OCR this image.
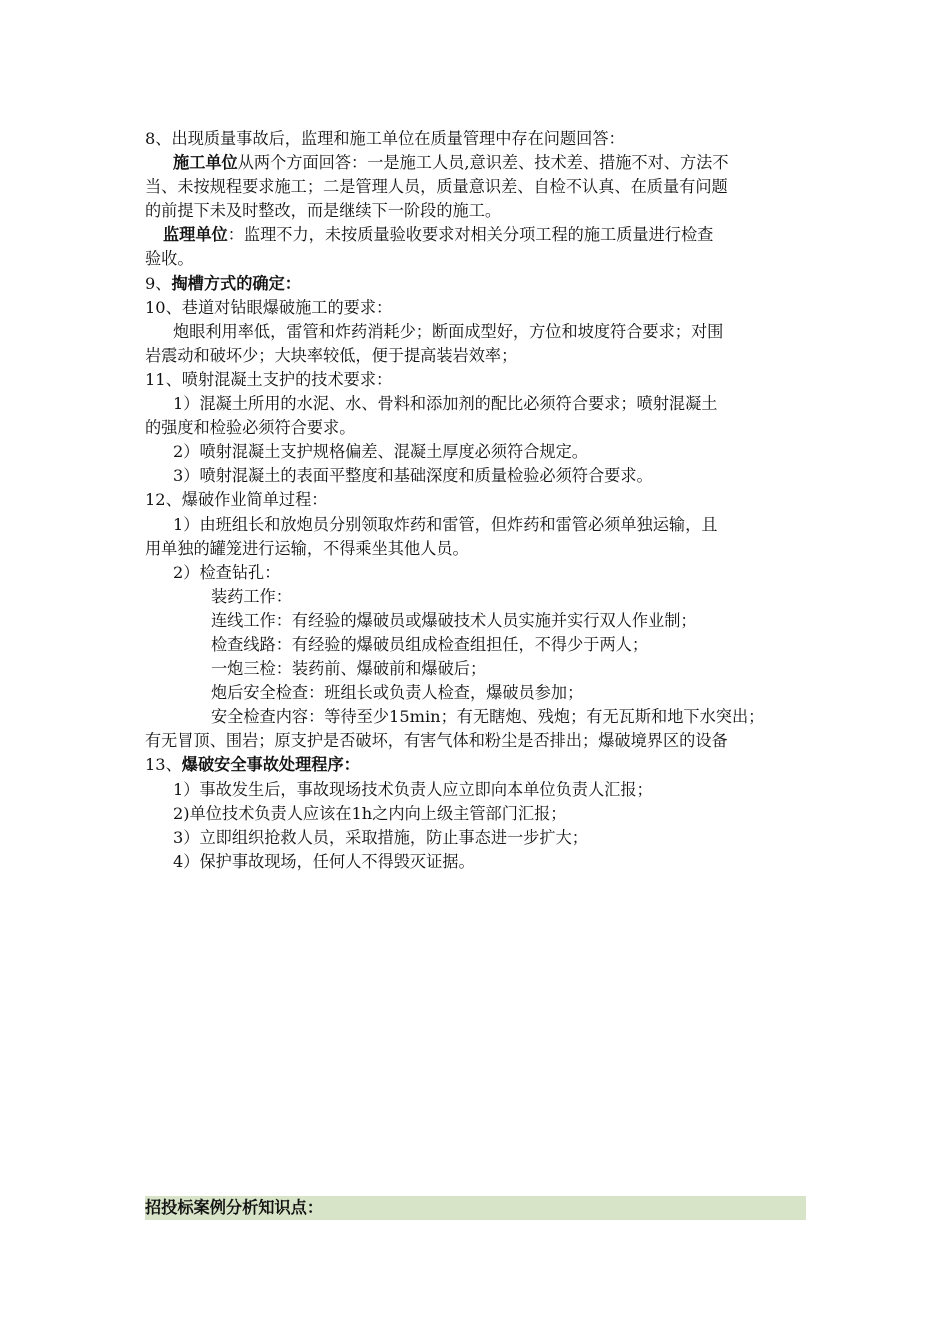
8、出现质量事故后，监理和施工单位在质量管理中存在问题回答：
施工单位从两个方面回答：一是施工人员,意识差、技术差、措施不对、方法不
当、未按规程要求施工；二是管理人员，质量意识差、自检不认真、在质量有问题
的前提下未及时整改，而是继续下一阶段的施工。
监理单位：监理不力，未按质量验收要求对相关分项工程的施工质量进行检查
验收。
9、掏槽方式的确定：
10、巷道对钻眼爆破施工的要求：
炮眼利用率低，雷管和炸药消耗少；断面成型好，方位和坡度符合要求；对围
岩震动和破坏少；大块率较低，便于提高装岩效率；
11、喷射混凝土支护的技术要求：
1）混凝土所用的水泥、水、骨料和添加剂的配比必须符合要求；喷射混凝土
的强度和检验必须符合要求。
2）喷射混凝土支护规格偏差、混凝土厚度必须符合规定。
3）喷射混凝土的表面平整度和基础深度和质量检验必须符合要求。
12、爆破作业简单过程：
1）由班组长和放炮员分别领取炸药和雷管，但炸药和雷管必须单独运输，且
用单独的罐笼进行运输，不得乘坐其他人员。
2）检查钻孔：
装药工作：
连线工作：有经验的爆破员或爆破技术人员实施并实行双人作业制；
检查线路：有经验的爆破员组成检查组担任，不得少于两人；
一炮三检：装药前、爆破前和爆破后；
炮后安全检查：班组长或负责人检查，爆破员参加；
安全检查内容：等待至少15min；有无瞎炮、残炮；有无瓦斯和地下水突出；
有无冒顶、围岩；原支护是否破坏，有害气体和粉尘是否排出；爆破境界区的设备
13、爆破安全事故处理程序：
1）事故发生后，事故现场技术负责人应立即向本单位负责人汇报；
2)单位技术负责人应该在1h之内向上级主管部门汇报；
3）立即组织抢救人员，采取措施，防止事态进一步扩大；
4）保护事故现场，任何人不得毁灭证据。
招投标案例分析知识点：
